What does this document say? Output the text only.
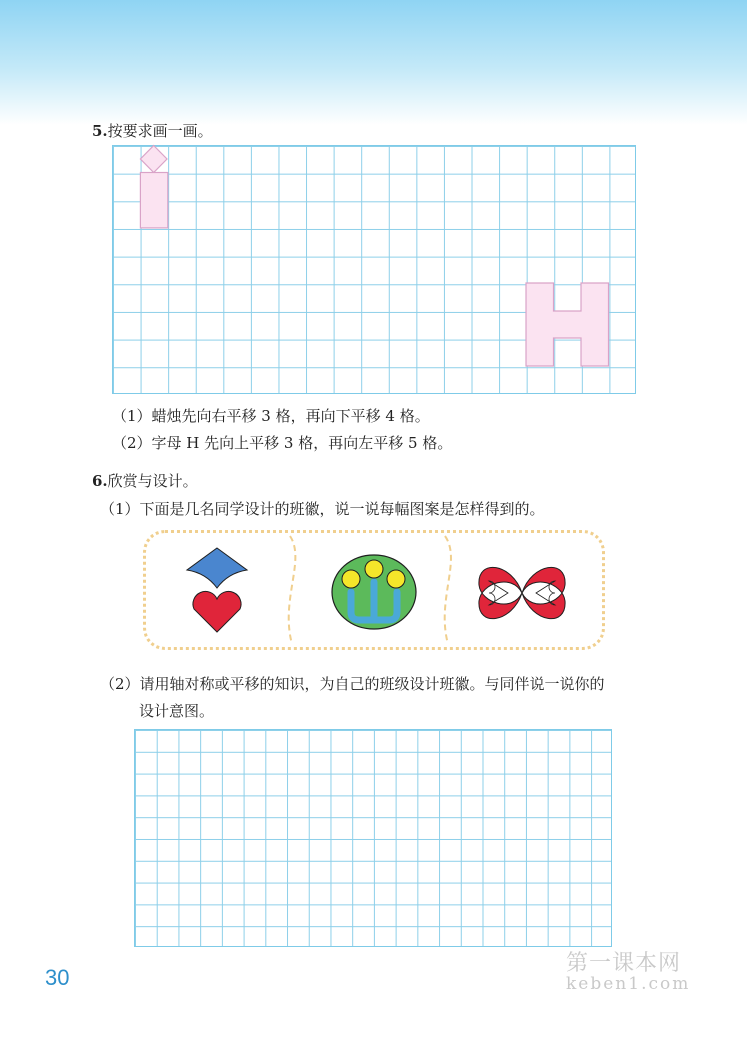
5.按要求画一画。
（1）蜡烛先向右平移 3 格，再向下平移 4 格。
（2）字母 H 先向上平移 3 格，再向左平移 5 格。
6.欣赏与设计。
（1）下面是几名同学设计的班徽，说一说每幅图案是怎样得到的。
（2）请用轴对称或平移的知识，为自己的班级设计班徽。与同伴说一说你的
设计意图。
30
第一课本网
keben1.com
